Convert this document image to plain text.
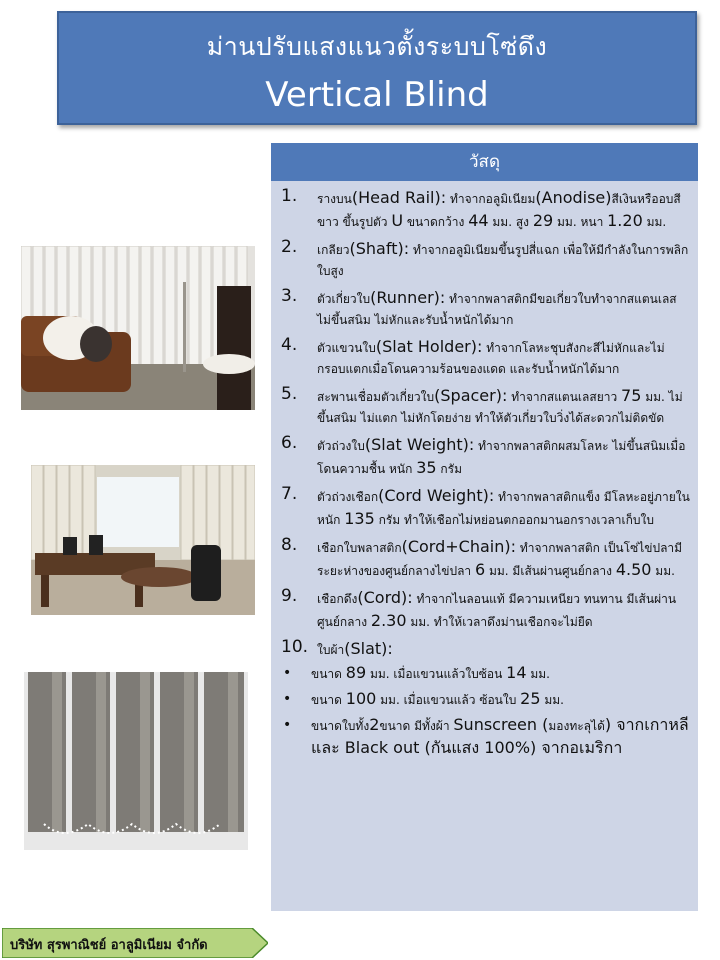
ม่านปรับแสงแนวตั้งระบบโซ่ดึง
Vertical Blind
วัสดุ
1. รางบน(Head Rail): ทำจากอลูมิเนียม(Anodise)สีเงินหรืออบสีขาว ขึ้นรูปตัว U ขนาดกว้าง 44 มม. สูง 29 มม. หนา 1.20 มม.
2. เกลียว(Shaft): ทำจากอลูมิเนียมขึ้นรูปสี่แฉก เพื่อให้มีกำลังในการพลิกใบสูง
3. ตัวเกี่ยวใบ(Runner): ทำจากพลาสติกมีขอเกี่ยวใบทำจากสแตนเลส ไม่ขึ้นสนิม ไม่หักและรับน้ำหนักได้มาก
4. ตัวแขวนใบ(Slat Holder): ทำจากโลหะชุบสังกะสีไม่หักและไม่กรอบแตกเมื่อโดนความร้อนของแดด และรับน้ำหนักได้มาก
5. สะพานเชื่อมตัวเกี่ยวใบ(Spacer): ทำจากสแตนเลสยาว 75 มม. ไม่ขึ้นสนิม ไม่แตก ไม่หักโดยง่าย ทำให้ตัวเกี่ยวใบวิ่งได้สะดวกไม่ติดขัด
6. ตัวถ่วงใบ(Slat Weight): ทำจากพลาสติกผสมโลหะ ไม่ขึ้นสนิมเมื่อโดนความชื้น หนัก 35 กรัม
7. ตัวถ่วงเชือก(Cord Weight): ทำจากพลาสติกแข็ง มีโลหะอยู่ภายใน หนัก 135 กรัม ทำให้เชือกไม่หย่อนตกออกมานอกรางเวลาเก็บใบ
8. เชือกใบพลาสติก(Cord+Chain): ทำจากพลาสติก เป็นโซ่ไข่ปลามีระยะห่างของศูนย์กลางไข่ปลา 6 มม. มีเส้นผ่านศูนย์กลาง 4.50 มม.
9. เชือกดึง(Cord): ทำจากไนลอนแท้ มีความเหนียว ทนทาน มีเส้นผ่านศูนย์กลาง 2.30 มม. ทำให้เวลาดึงม่านเชือกจะไม่ยืด
10. ใบผ้า(Slat):
• ขนาด 89 มม. เมื่อแขวนแล้วใบซ้อน 14 มม.
• ขนาด 100 มม. เมื่อแขวนแล้ว ซ้อนใบ 25 มม.
• ขนาดใบทั้ง2ขนาด มีทั้งผ้า Sunscreen (มองทะลุได้) จากเกาหลี และ Black out (กันแสง 100%) จากอเมริกา
บริษัท สุรพาณิชย์ อาลูมิเนียม จำกัด
